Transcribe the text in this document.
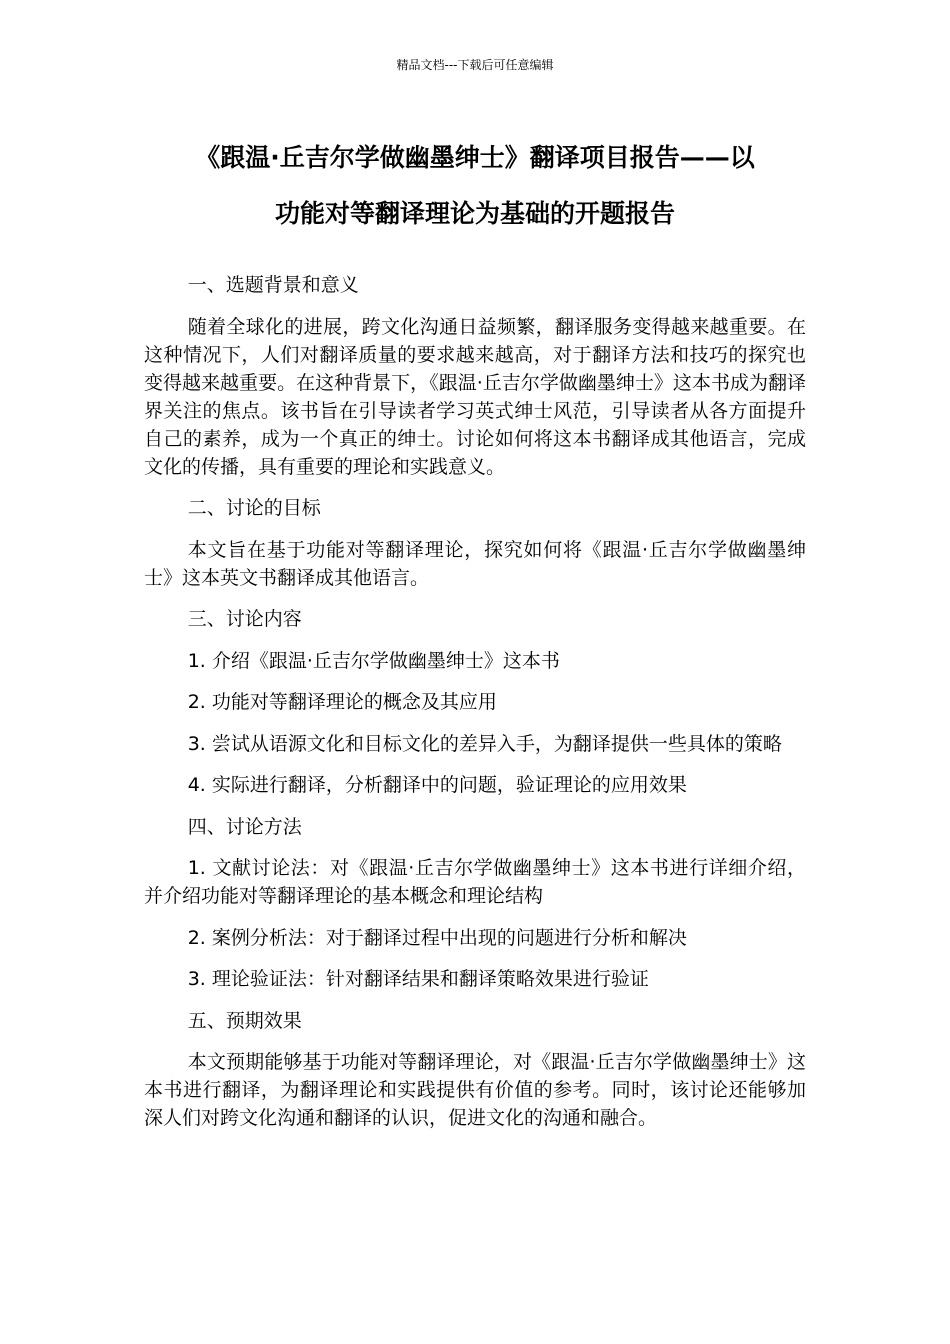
精品文档---下载后可任意编辑
《跟温·丘吉尔学做幽墨绅士》翻译项目报告——以
功能对等翻译理论为基础的开题报告

一、选题背景和意义

随着全球化的进展，跨文化沟通日益频繁，翻译服务变得越来越重要。在这种情况下，人们对翻译质量的要求越来越高，对于翻译方法和技巧的探究也变得越来越重要。在这种背景下，《跟温·丘吉尔学做幽墨绅士》这本书成为翻译界关注的焦点。该书旨在引导读者学习英式绅士风范，引导读者从各方面提升自己的素养，成为一个真正的绅士。讨论如何将这本书翻译成其他语言，完成文化的传播，具有重要的理论和实践意义。

二、讨论的目标

本文旨在基于功能对等翻译理论，探究如何将《跟温·丘吉尔学做幽墨绅士》这本英文书翻译成其他语言。

三、讨论内容

1. 介绍《跟温·丘吉尔学做幽墨绅士》这本书

2. 功能对等翻译理论的概念及其应用

3. 尝试从语源文化和目标文化的差异入手，为翻译提供一些具体的策略

4. 实际进行翻译，分析翻译中的问题，验证理论的应用效果

四、讨论方法

1. 文献讨论法：对《跟温·丘吉尔学做幽墨绅士》这本书进行详细介绍，并介绍功能对等翻译理论的基本概念和理论结构

2. 案例分析法：对于翻译过程中出现的问题进行分析和解决

3. 理论验证法：针对翻译结果和翻译策略效果进行验证

五、预期效果

本文预期能够基于功能对等翻译理论，对《跟温·丘吉尔学做幽墨绅士》这本书进行翻译，为翻译理论和实践提供有价值的参考。同时，该讨论还能够加深人们对跨文化沟通和翻译的认识，促进文化的沟通和融合。
